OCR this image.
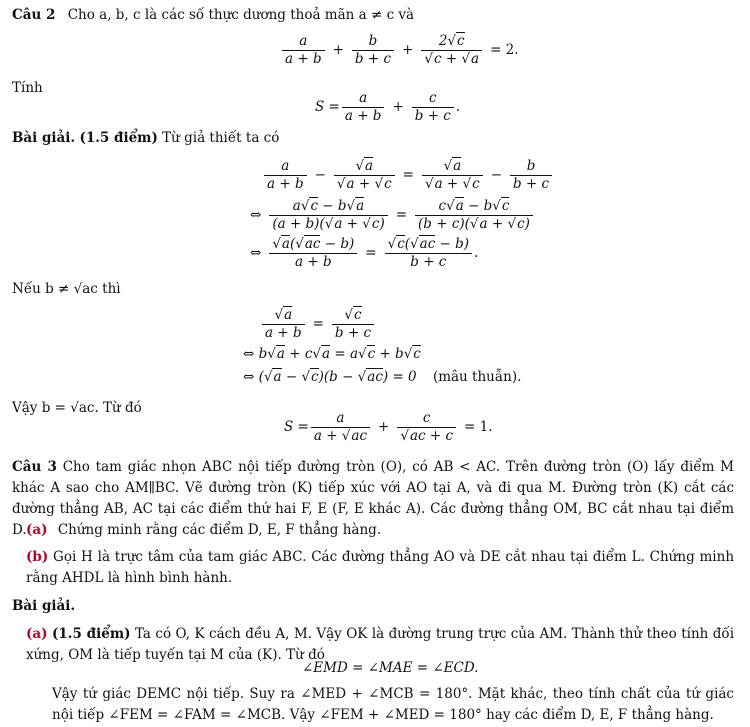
Câu 2 Cho a, b, c là các số thực dương thoả mãn a ≠ c và
$\frac{a}{a + b} + \frac{b}{b + c} + \frac{2√c}{√c + √a} = 2$.
Tính
$S = \frac{a}{a + b} + \frac{c}{b + c}$ .
Bài giải. (1.5 điểm) Từ giả thiết ta có
$\frac{a}{a + b} - \frac{√a}{√a + √c} = \frac{√a}{√a + √c} - \frac{b}{b + c}$
⇔ $\frac{a√c - b√a}{(a + b)(√a + √c)} = \frac{c√a - b√c}{(b + c)(√a + √c)}$
⇔ $\frac{√a(√ac - b)}{a + b} = \frac{√c(√ac - b)}{b + c}$ .
Nếu b ≠ √ac thì
$\frac{√a}{a + b} = \frac{√c}{b + c}$
⇔ b√a + c√a = a√c + b√c
⇔ (√a − √c)(b − √ac) = 0 (mâu thuẫn).
Vậy b = √ac. Từ đó
$S = \frac{a}{a + √ac} + \frac{c}{√ac + c} = 1$.
Câu 3 Cho tam giác nhọn ABC nội tiếp đường tròn (O), có AB < AC. Trên đường tròn (O) lấy điểm M khác A sao cho AM∥BC. Vẽ đường tròn (K) tiếp xúc với AO tại A, và đi qua M. Đường tròn (K) cắt các đường thẳng AB, AC tại các điểm thứ hai F, E (F, E khác A). Các đường thẳng OM, BC cắt nhau tại điểm D. (a) Chứng minh rằng các điểm D, E, F thẳng hàng.
(b) Gọi H là trực tâm của tam giác ABC. Các đường thẳng AO và DE cắt nhau tại điểm L. Chứng minh rằng AHDL là hình bình hành.
Bài giải.
(a) (1.5 điểm) Ta có O, K cách đều A, M. Vậy OK là đường trung trực của AM. Thành thử theo tính đối xứng, OM là tiếp tuyến tại M của (K). Từ đó
∠EMD = ∠MAE = ∠ECD.
Vậy tứ giác DEMC nội tiếp. Suy ra ∠MED + ∠MCB = 180°. Mặt khác, theo tính chất của tứ giác nội tiếp ∠FEM = ∠FAM = ∠MCB. Vậy ∠FEM + ∠MED = 180° hay các điểm D, E, F thẳng hàng.
